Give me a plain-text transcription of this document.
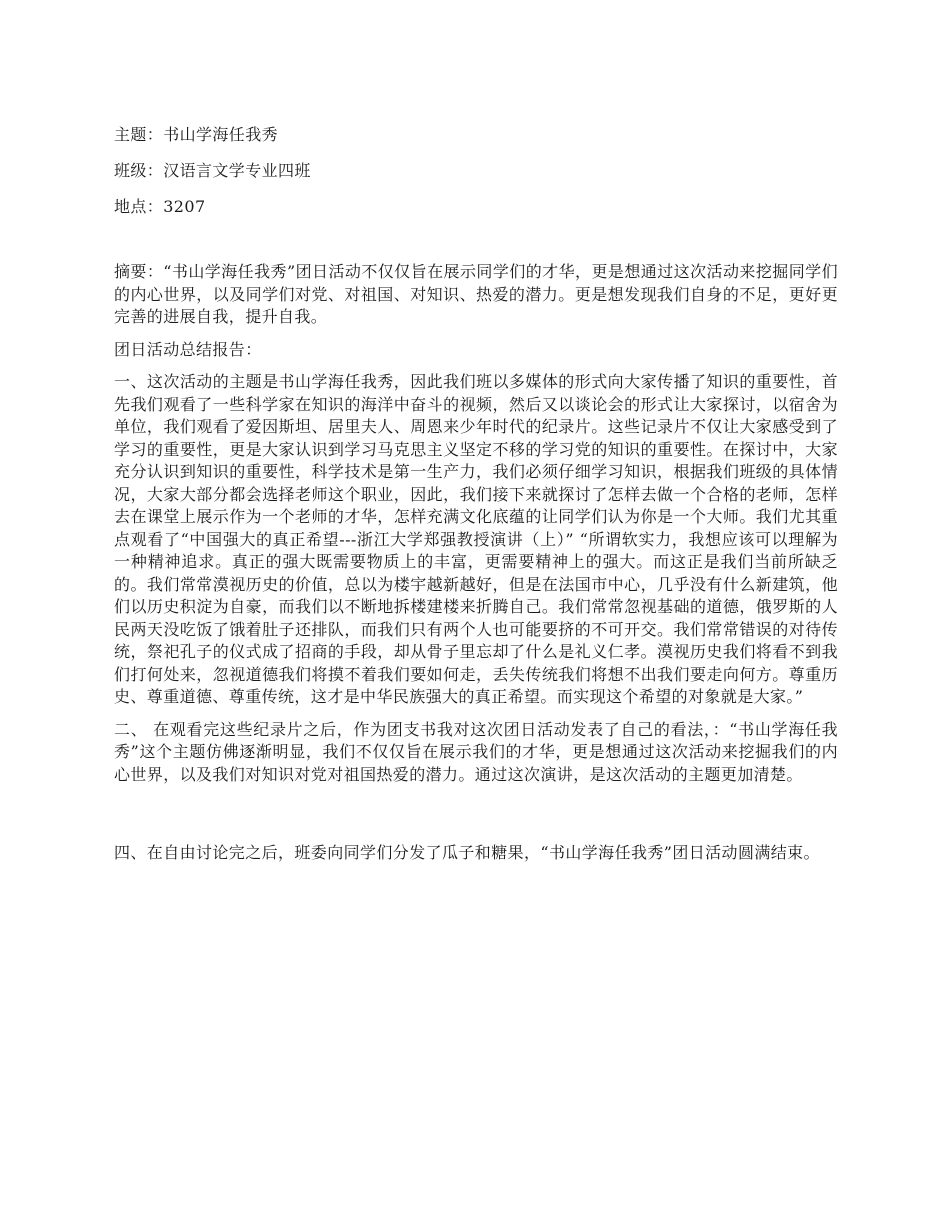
主题：书山学海任我秀

班级：汉语言文学专业四班

地点：3207

摘要：“书山学海任我秀”团日活动不仅仅旨在展示同学们的才华，更是想通过这次活动来挖掘同学们的内心世界，以及同学们对党、对祖国、对知识、热爱的潜力。更是想发现我们自身的不足，更好更完善的进展自我，提升自我。

团日活动总结报告：

一、这次活动的主题是书山学海任我秀，因此我们班以多媒体的形式向大家传播了知识的重要性，首先我们观看了一些科学家在知识的海洋中奋斗的视频，然后又以谈论会的形式让大家探讨，以宿舍为单位，我们观看了爱因斯坦、居里夫人、周恩来少年时代的纪录片。这些记录片不仅让大家感受到了学习的重要性，更是大家认识到学习马克思主义坚定不移的学习党的知识的重要性。在探讨中，大家充分认识到知识的重要性，科学技术是第一生产力，我们必须仔细学习知识，根据我们班级的具体情况，大家大部分都会选择老师这个职业，因此，我们接下来就探讨了怎样去做一个合格的老师，怎样去在课堂上展示作为一个老师的才华，怎样充满文化底蕴的让同学们认为你是一个大师。我们尤其重点观看了“中国强大的真正希望---浙江大学郑强教授演讲（上）” “所谓软实力，我想应该可以理解为一种精神追求。真正的强大既需要物质上的丰富，更需要精神上的强大。而这正是我们当前所缺乏的。我们常常漠视历史的价值，总以为楼宇越新越好，但是在法国市中心，几乎没有什么新建筑，他们以历史积淀为自豪，而我们以不断地拆楼建楼来折腾自己。我们常常忽视基础的道德，俄罗斯的人民两天没吃饭了饿着肚子还排队，而我们只有两个人也可能要挤的不可开交。我们常常错误的对待传统，祭祀孔子的仪式成了招商的手段，却从骨子里忘却了什么是礼义仁孝。漠视历史我们将看不到我们打何处来，忽视道德我们将摸不着我们要如何走，丢失传统我们将想不出我们要走向何方。尊重历史、尊重道德、尊重传统，这才是中华民族强大的真正希望。而实现这个希望的对象就是大家。”

二、 在观看完这些纪录片之后，作为团支书我对这次团日活动发表了自己的看法，：“书山学海任我秀”这个主题仿佛逐渐明显，我们不仅仅旨在展示我们的才华，更是想通过这次活动来挖掘我们的内心世界，以及我们对知识对党对祖国热爱的潜力。通过这次演讲，是这次活动的主题更加清楚。

四、在自由讨论完之后，班委向同学们分发了瓜子和糖果，“书山学海任我秀”团日活动圆满结束。
